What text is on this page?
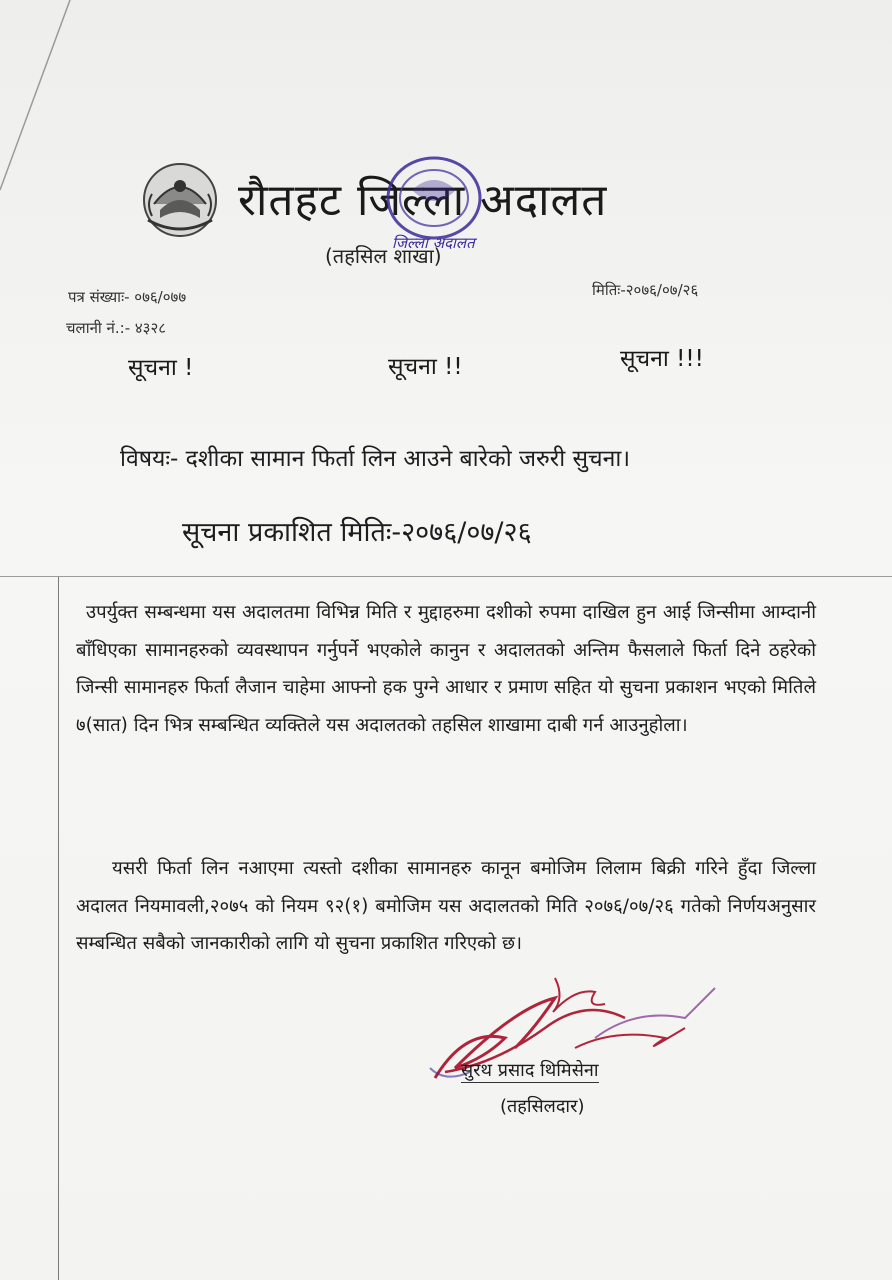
रौतहट जिल्ला अदालत
जिल्ला अदालत
(तहसिल शाखा)
पत्र संख्याः- ०७६/०७७
चलानी नं.:- ४३२८
मितिः-२०७६/०७/२६
सूचना !	सूचना !!	सूचना !!!
विषयः- दशीका सामान फिर्ता लिन आउने बारेको जरुरी सुचना।
सूचना प्रकाशित मितिः-२०७६/०७/२६
उपर्युक्त सम्बन्धमा यस अदालतमा विभिन्न मिति र मुद्दाहरुमा दशीको रुपमा दाखिल हुन आई जिन्सीमा आम्दानी बाँधिएका सामानहरुको व्यवस्थापन गर्नुपर्ने भएकोले कानुन र अदालतको अन्तिम फैसलाले फिर्ता दिने ठहरेको जिन्सी सामानहरु फिर्ता लैजान चाहेमा आफ्नो हक पुग्ने आधार र प्रमाण सहित यो सुचना प्रकाशन भएको मितिले ७(सात) दिन भित्र सम्बन्धित व्यक्तिले यस अदालतको तहसिल शाखामा दाबी गर्न आउनुहोला।
यसरी फिर्ता लिन नआएमा त्यस्तो दशीका सामानहरु कानून बमोजिम लिलाम बिक्री गरिने हुँदा जिल्ला अदालत नियमावली,२०७५ को नियम ९२(१) बमोजिम यस अदालतको मिति २०७६/०७/२६ गतेको निर्णयअनुसार सम्बन्धित सबैको जानकारीको लागि यो सुचना प्रकाशित गरिएको छ।
सुरथ प्रसाद थिमिसेना
(तहसिलदार)
